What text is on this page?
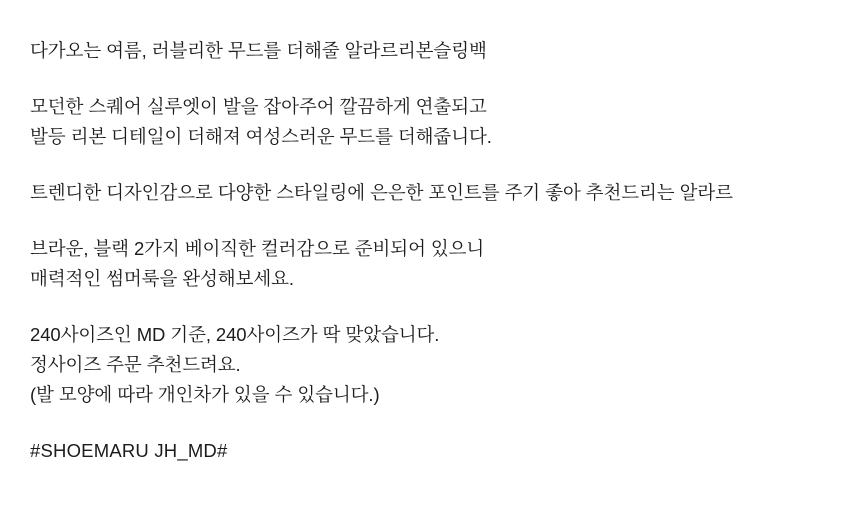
다가오는 여름, 러블리한 무드를 더해줄 알라르리본슬링백
모던한 스퀘어 실루엣이 발을 잡아주어 깔끔하게 연출되고
발등 리본 디테일이 더해져 여성스러운 무드를 더해줍니다.
트렌디한 디자인감으로 다양한 스타일링에 은은한 포인트를 주기 좋아 추천드리는 알라르
브라운, 블랙 2가지 베이직한 컬러감으로 준비되어 있으니
매력적인 썸머룩을 완성해보세요.
240사이즈인 MD 기준, 240사이즈가 딱 맞았습니다.
정사이즈 주문 추천드려요.
(발 모양에 따라 개인차가 있을 수 있습니다.)
#SHOEMARU JH_MD#
